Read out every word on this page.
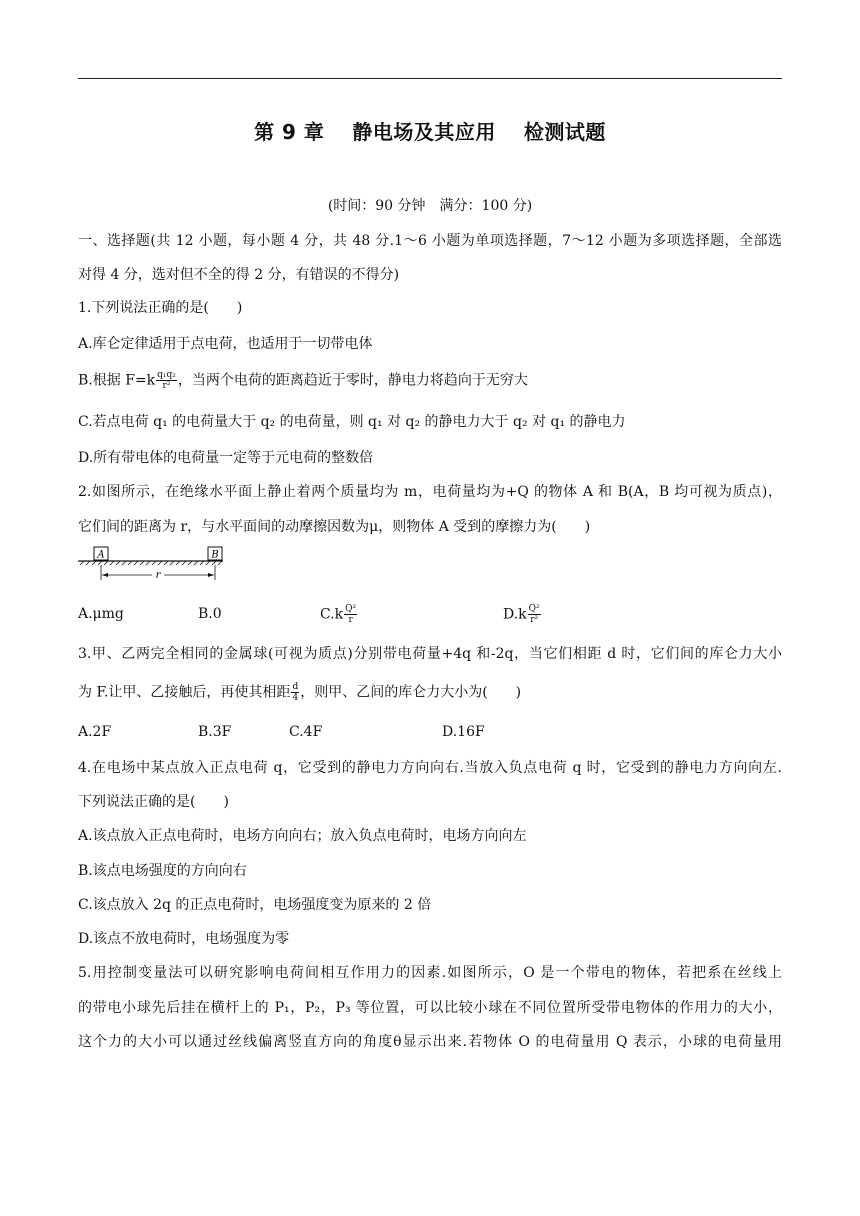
第 9 章 静电场及其应用 检测试题
(时间：90 分钟　满分：100 分)
一、选择题(共 12 小题，每小题 4 分，共 48 分.1～6 小题为单项选择题，7～12 小题为多项选择题，全部选
对得 4 分，选对但不全的得 2 分，有错误的不得分)
1.下列说法正确的是(　　)
A.库仑定律适用于点电荷，也适用于一切带电体
B.根据 $F=k \frac{\text{q₁q₂}}{\text{r²}}$ ，当两个电荷的距离趋近于零时，静电力将趋向于无穷大
C.若点电荷 q₁ 的电荷量大于 q₂ 的电荷量，则 q₁ 对 q₂ 的静电力大于 q₂ 对 q₁ 的静电力
D.所有带电体的电荷量一定等于元电荷的整数倍
2.如图所示，在绝缘水平面上静止着两个质量均为 m，电荷量均为+Q 的物体 A 和 B(A，B 均可视为质点)，
它们间的距离为 r，与水平面间的动摩擦因数为μ，则物体 A 受到的摩擦力为(　　)
A	B
r
A.μmg	B.0	$C.k \frac{\text{Q²}}{r}$	$D.k \frac{\text{Q²}}{\text{r²}}$
3.甲、乙两完全相同的金属球(可视为质点)分别带电荷量+4q 和-2q，当它们相距 d 时，它们间的库仑力大小
为 F.让甲、乙接触后，再使其相距 $\frac{d}{4}$ ，则甲、乙间的库仑力大小为(　　)
A.2F	B.3F	C.4F	D.16F
4.在电场中某点放入正点电荷 q，它受到的静电力方向向右.当放入负点电荷 q 时，它受到的静电力方向向左.
下列说法正确的是(　　)
A.该点放入正点电荷时，电场方向向右；放入负点电荷时，电场方向向左
B.该点电场强度的方向向右
C.该点放入 2q 的正点电荷时，电场强度变为原来的 2 倍
D.该点不放电荷时，电场强度为零
5.用控制变量法可以研究影响电荷间相互作用力的因素.如图所示，O 是一个带电的物体，若把系在丝线上
的带电小球先后挂在横杆上的 P₁，P₂，P₃ 等位置，可以比较小球在不同位置所受带电物体的作用力的大小，
这个力的大小可以通过丝线偏离竖直方向的角度θ显示出来.若物体 O 的电荷量用 Q 表示，小球的电荷量用
